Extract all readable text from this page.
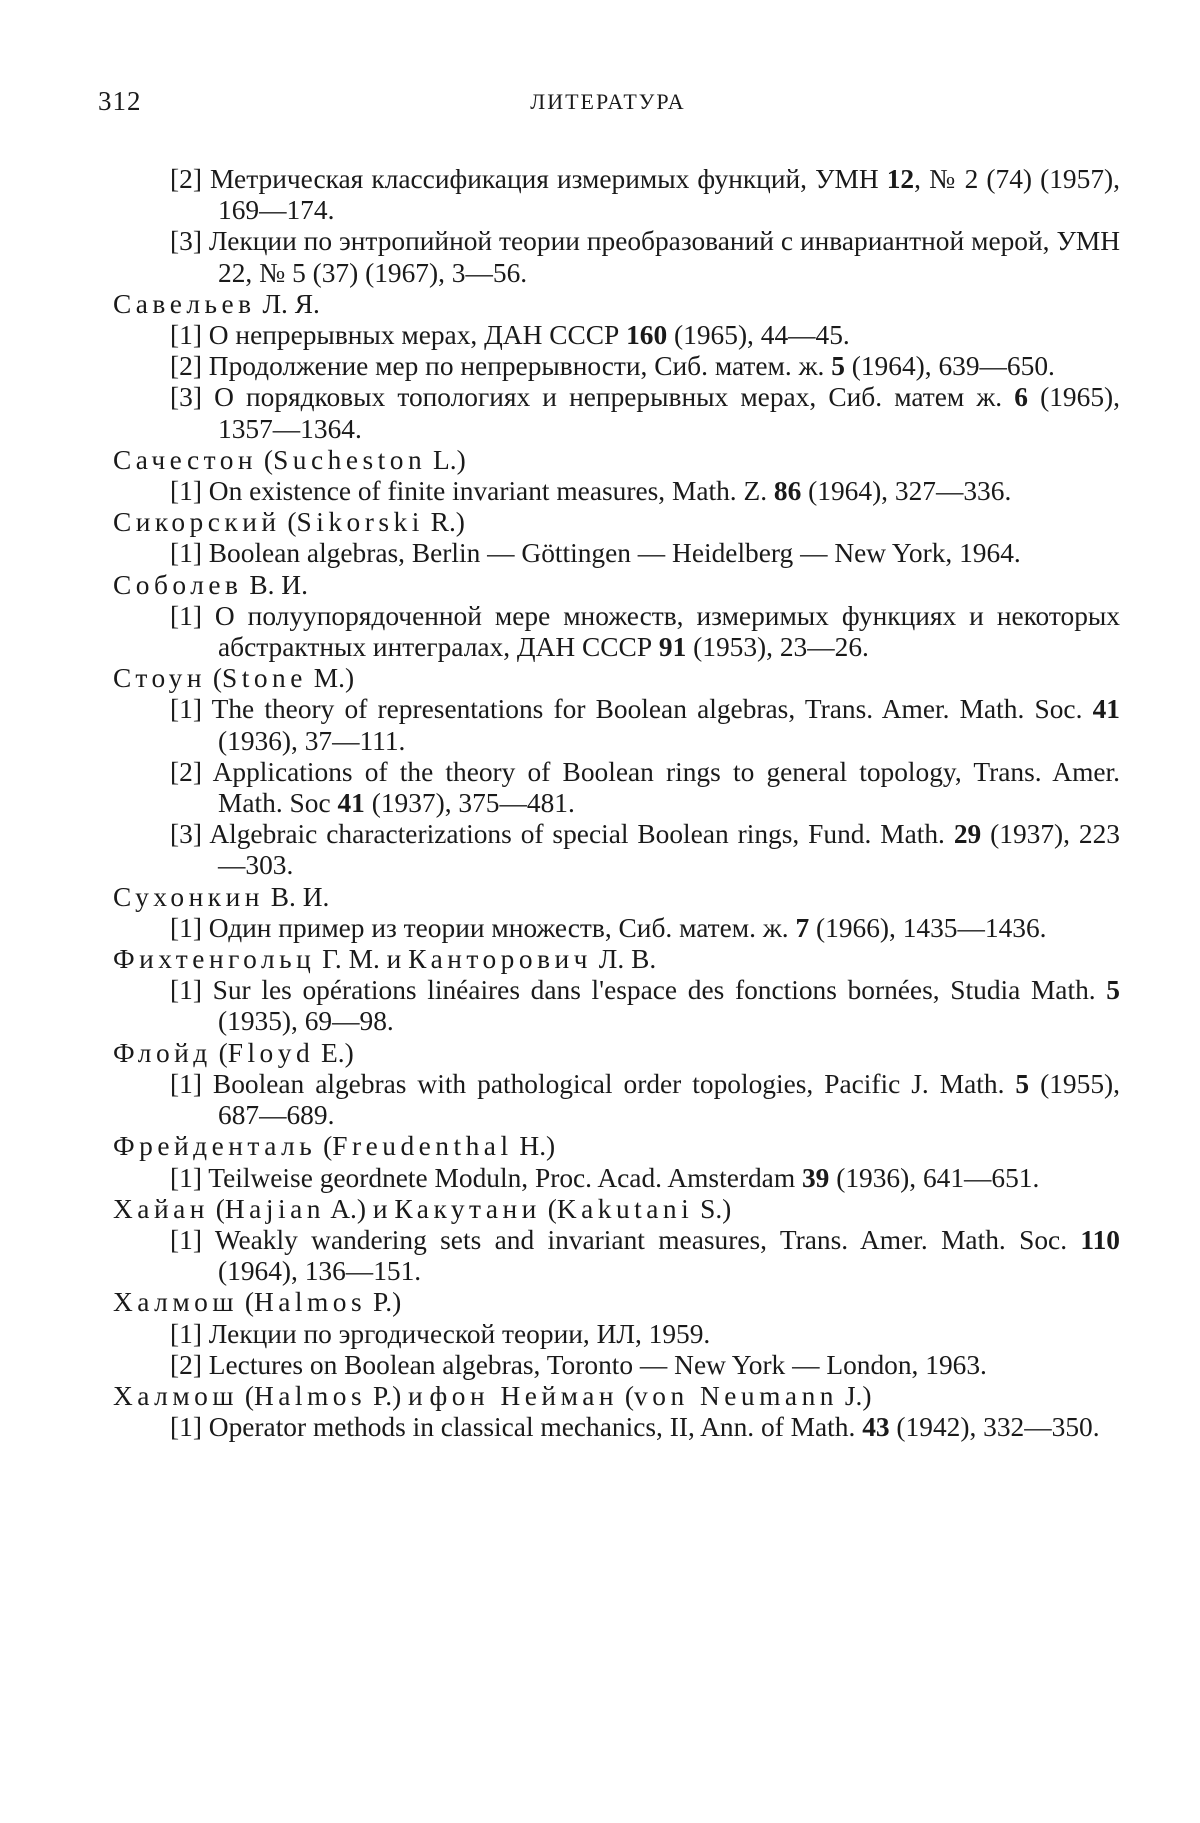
312	ЛИТЕРАТУРА

[2] Метрическая классификация измеримых функций, УМН 12, № 2 (74) (1957), 169—174.

[3] Лекции по энтропийной теории преобразований с инвариантной мерой, УМН 22, № 5 (37) (1967), 3—56.

Савельев Л. Я.

[1] О непрерывных мерах, ДАН СССР 160 (1965), 44—45.

[2] Продолжение мер по непрерывности, Сиб. матем. ж. 5 (1964), 639—650.

[3] О порядковых топологиях и непрерывных мерах, Сиб. матем ж. 6 (1965), 1357—1364.

Сачестон (Sucheston L.)

[1] On existence of finite invariant measures, Math. Z. 86 (1964), 327—336.

Сикорский (Sikorski R.)

[1] Boolean algebras, Berlin — Göttingen — Heidelberg — New York, 1964.

Соболев В. И.

[1] О полуупорядоченной мере множеств, измеримых функциях и некоторых абстрактных интегралах, ДАН СССР 91 (1953), 23—26.

Стоун (Stone M.)

[1] The theory of representations for Boolean algebras, Trans. Amer. Math. Soc. 41 (1936), 37—111.

[2] Applications of the theory of Boolean rings to general topology, Trans. Amer. Math. Soc 41 (1937), 375—481.

[3] Algebraic characterizations of special Boolean rings, Fund. Math. 29 (1937), 223—303.

Сухонкин В. И.

[1] Один пример из теории множеств, Сиб. матем. ж. 7 (1966), 1435—1436.

Фихтенгольц Г. М. и Канторович Л. В.

[1] Sur les opérations linéaires dans l'espace des fonctions bornées, Studia Math. 5 (1935), 69—98.

Флойд (Floyd E.)

[1] Boolean algebras with pathological order topologies, Pacific J. Math. 5 (1955), 687—689.

Фрейденталь (Freudenthal H.)

[1] Teilweise geordnete Moduln, Proc. Acad. Amsterdam 39 (1936), 641—651.

Хайан (Hajian A.) и Какутани (Kakutani S.)

[1] Weakly wandering sets and invariant measures, Trans. Amer. Math. Soc. 110 (1964), 136—151.

Халмош (Halmos P.)

[1] Лекции по эргодической теории, ИЛ, 1959.

[2] Lectures on Boolean algebras, Toronto — New York — London, 1963.

Халмош (Halmos P.) и фон Нейман (von Neumann J.)

[1] Operator methods in classical mechanics, II, Ann. of Math. 43 (1942), 332—350.
